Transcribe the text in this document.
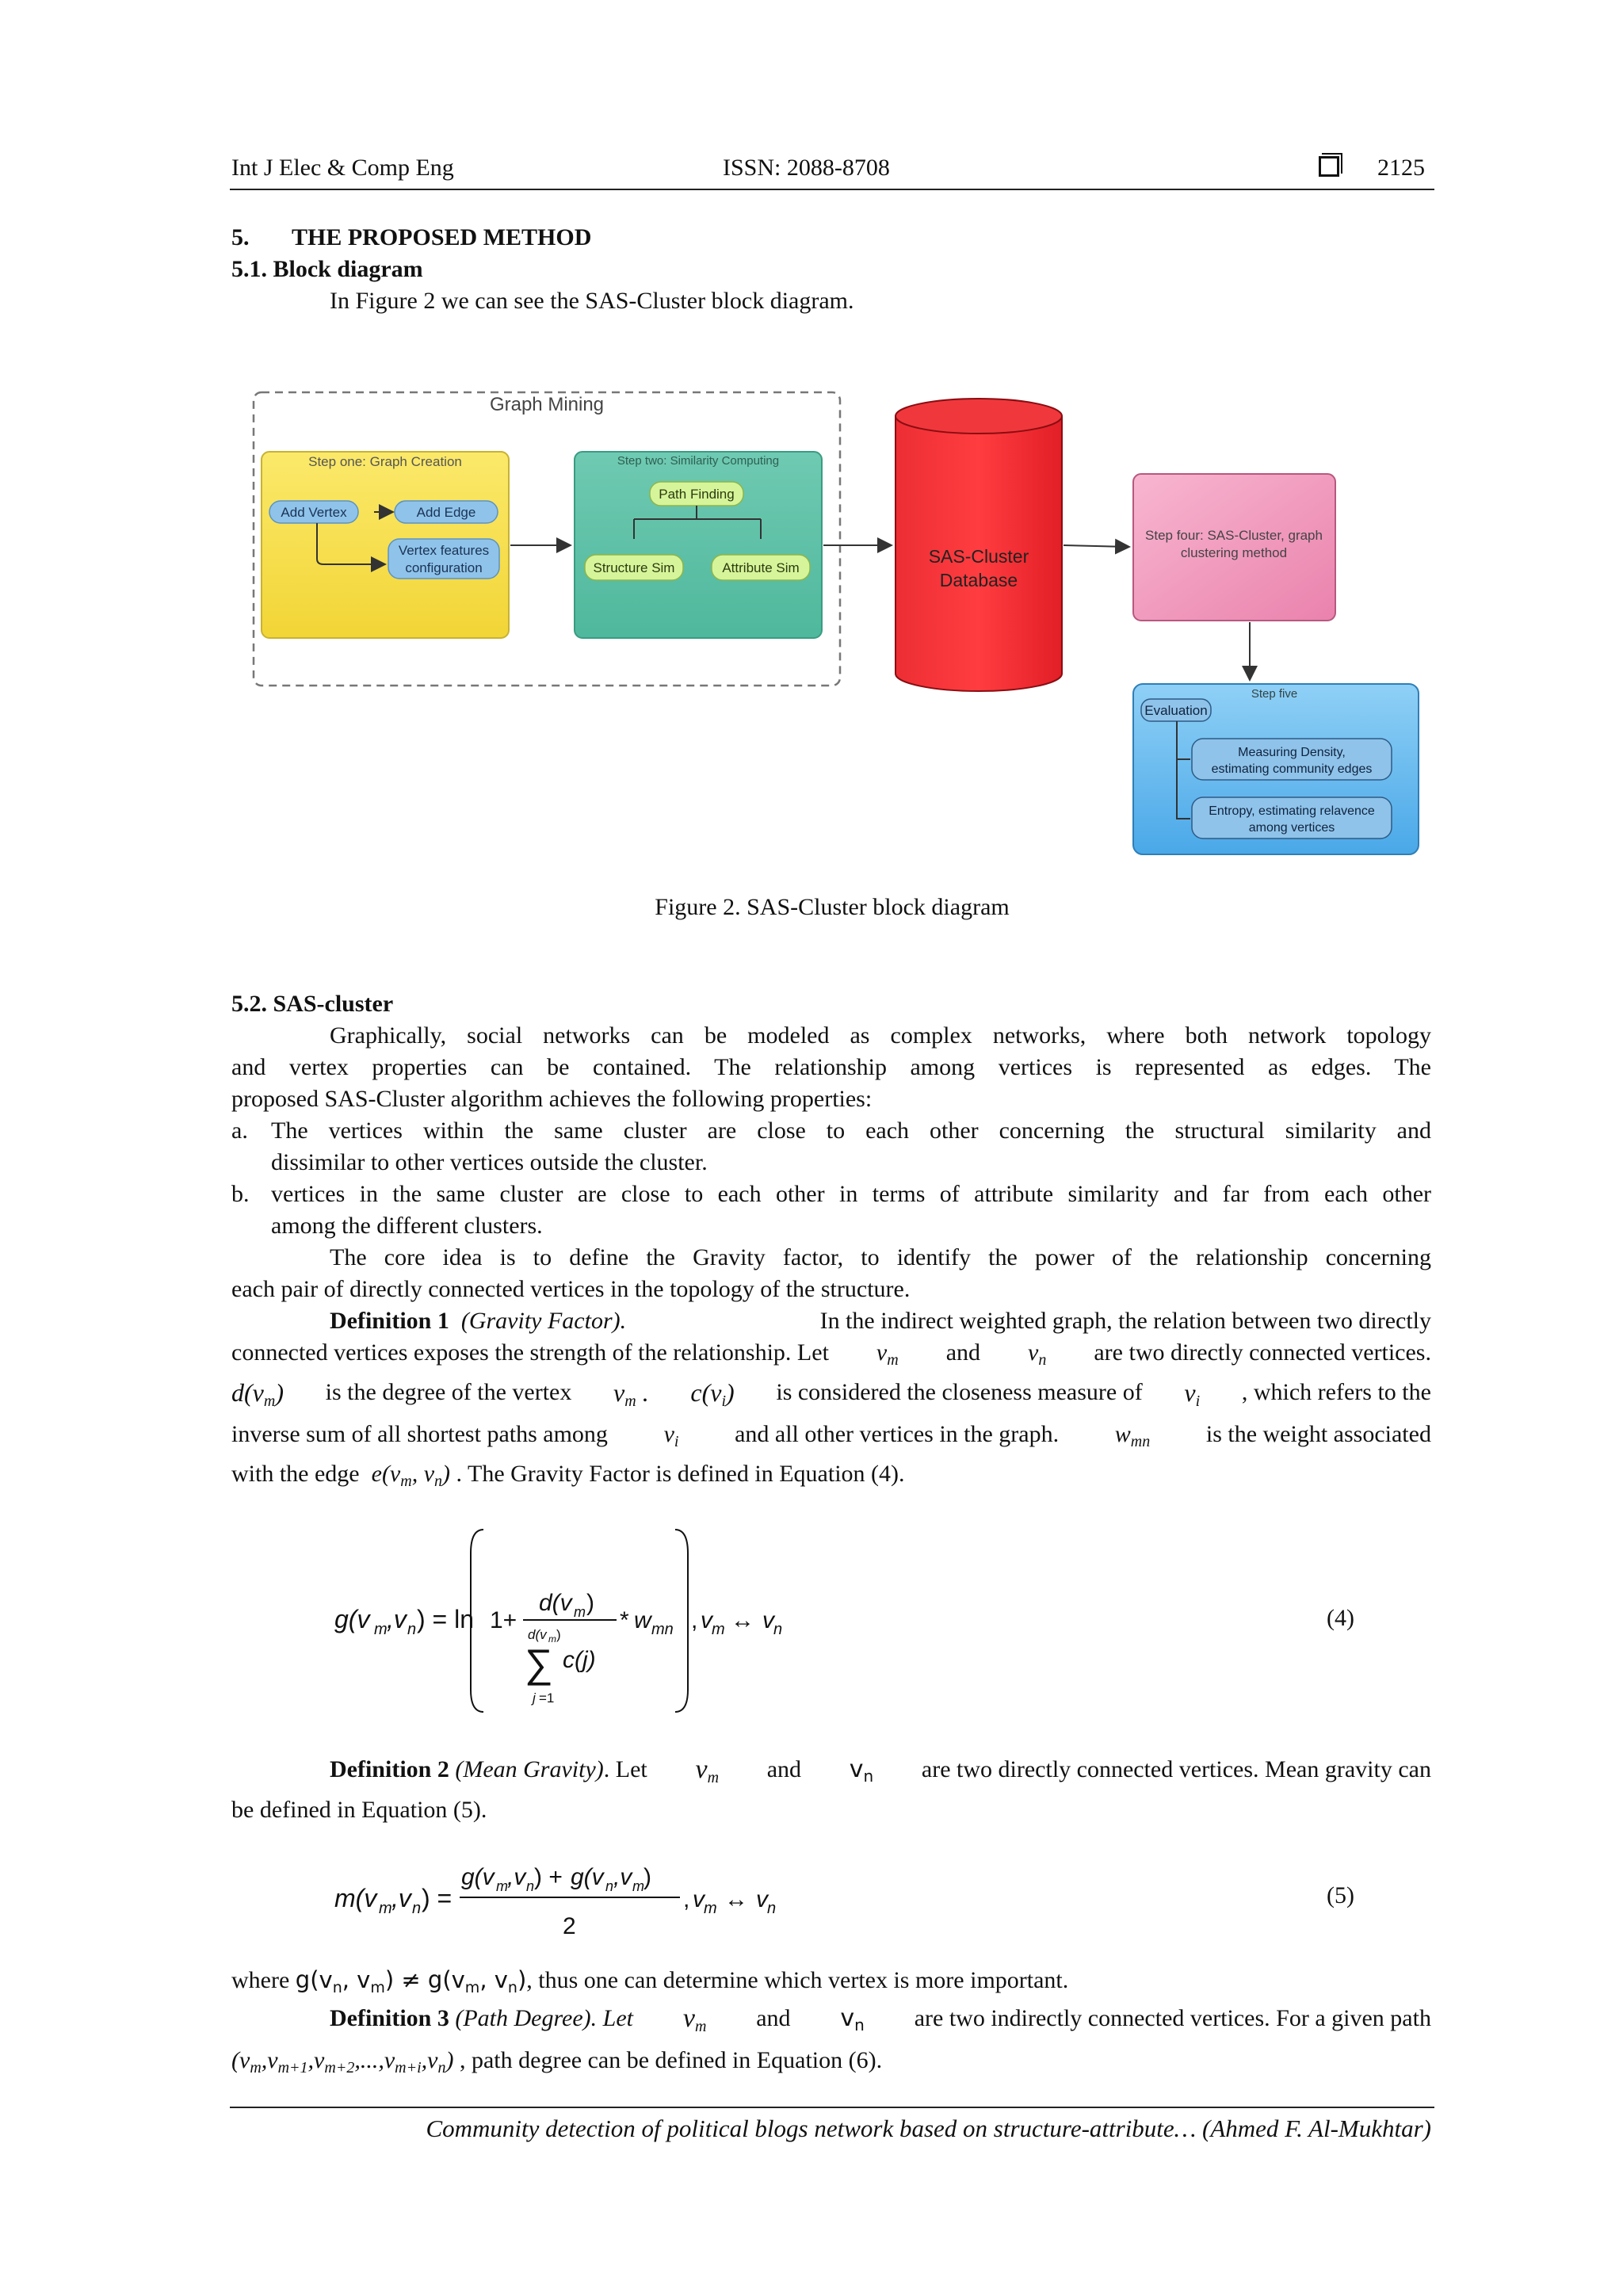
Int J Elec & Comp Eng	ISSN: 2088-8708	2125
5. THE PROPOSED METHOD
5.1. Block diagram
In Figure 2 we can see the SAS-Cluster block diagram.
Graph Mining
Step one: Graph Creation
Add Vertex	Add Edge
Vertex features
configuration
Step two: Similarity Computing
Path Finding
Structure Sim	Attribute Sim
SAS-Cluster
Database
Step four: SAS-Cluster, graph
clustering method
Step five
Evaluation
Measuring Density,
estimating community edges
Entropy, estimating relavence
among vertices
Figure 2. SAS-Cluster block diagram
5.2. SAS-cluster
Graphically, social networks can be modeled as complex networks, where both network topology
and vertex properties can be contained. The relationship among vertices is represented as edges. The
proposed SAS-Cluster algorithm achieves the following properties:
a. The vertices within the same cluster are close to each other concerning the structural similarity and
dissimilar to other vertices outside the cluster.
b. vertices in the same cluster are close to each other in terms of attribute similarity and far from each other
among the different clusters.
The core idea is to define the Gravity factor, to identify the power of the relationship concerning
each pair of directly connected vertices in the topology of the structure.
Definition 1 (Gravity Factor).	In the indirect weighted graph, the relation between two directly
connected vertices exposes the strength of the relationship. Let $v_m$ and $v_n$ are two directly connected vertices.
$d(v_m)$ is the degree of the vertex $v_m$ . $c(v_i)$ is considered the closeness measure of $v_i$ , which refers to the
inverse sum of all shortest paths among $v_i$ and all other vertices in the graph. $w_{mn}$ is the weight associated
with the edge $e(v_m$, $v_n$) . The Gravity Factor is defined in Equation (4).
g(v m ,v n ) = ln 1+
d(v m )
d(v m )
∑ c(j)
j =1
* w mn , v m ↔ v n	(4)
Definition 2 (Mean Gravity). Let $v_m$ and $v_n$ are two directly connected vertices. Mean gravity can
be defined in Equation (5).
m(v m ,v n ) =
g(v m ,v n ) + g(v n ,v m )
2
, v m ↔ v n	(5)
where $g(v_n$, $v_m) \ne g(v_m$, $v_n$), thus one can determine which vertex is more important.
Definition 3 (Path Degree). Let $v_m$ and $v_n$ are two indirectly connected vertices. For a given path
$(v_m,v_{m+1},v_{m+2},...,v_{m+i},v_n)$ , path degree can be defined in Equation (6).
Community detection of political blogs network based on structure-attribute… (Ahmed F. Al-Mukhtar)
